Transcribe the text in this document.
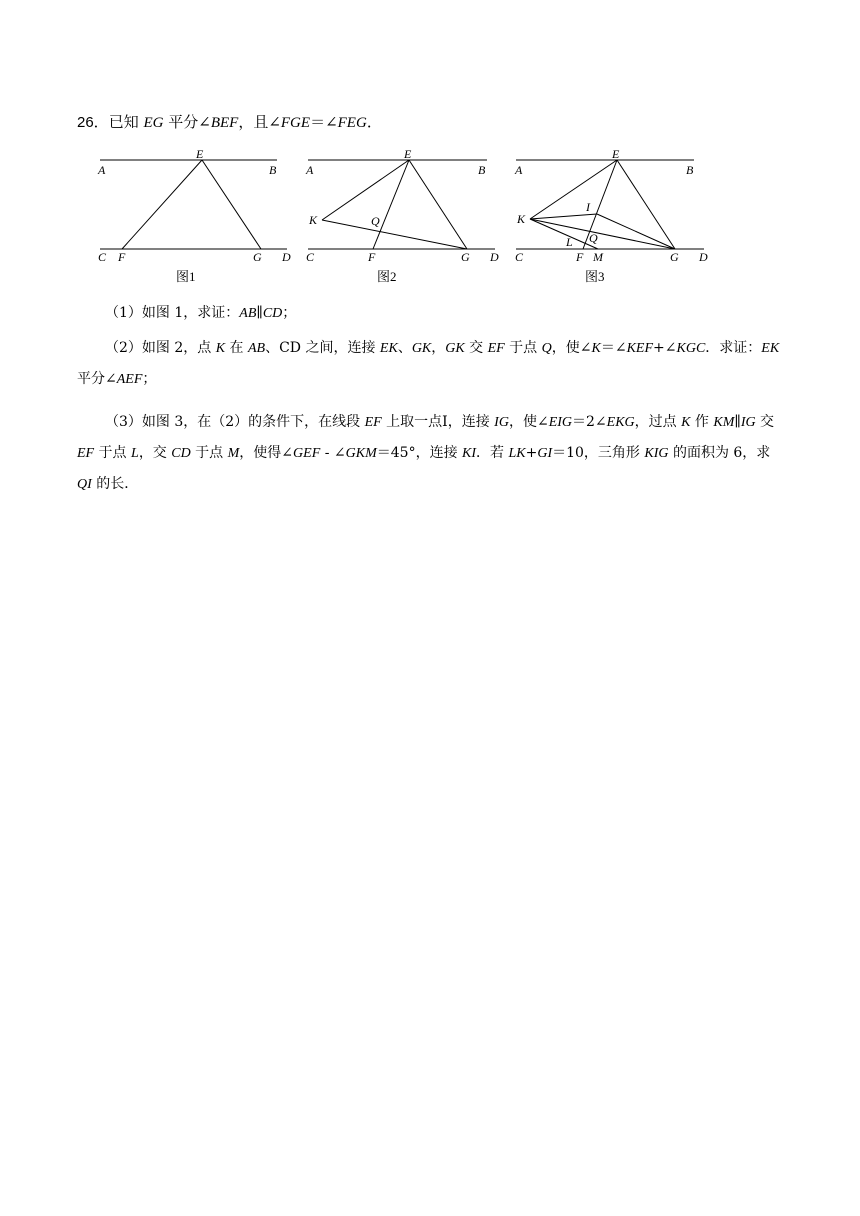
26．已知 EG 平分∠BEF，且∠FGE＝∠FEG．
E
A	B
C F	G D
图1
E
A	B
K	Q
C	F	G D
图2
E
A	B
K
I
L Q
C	F M	G D
图3
（1）如图 1，求证：AB∥CD；
（2）如图 2，点 K 在 AB、CD 之间，连接 EK、GK，GK 交 EF 于点 Q，使∠K＝∠KEF+∠KGC．求证：EK 平分∠AEF；
（3）如图 3，在（2）的条件下，在线段 EF 上取一点Ⅰ，连接 IG，使∠EIG＝2∠EKG，过点 K 作 KM∥IG 交 EF 于点 L，交 CD 于点 M，使得∠GEF - ∠GKM＝45°，连接 KI．若 LK+GI＝10，三角形 KIG 的面积为 6，求 QI 的长．
